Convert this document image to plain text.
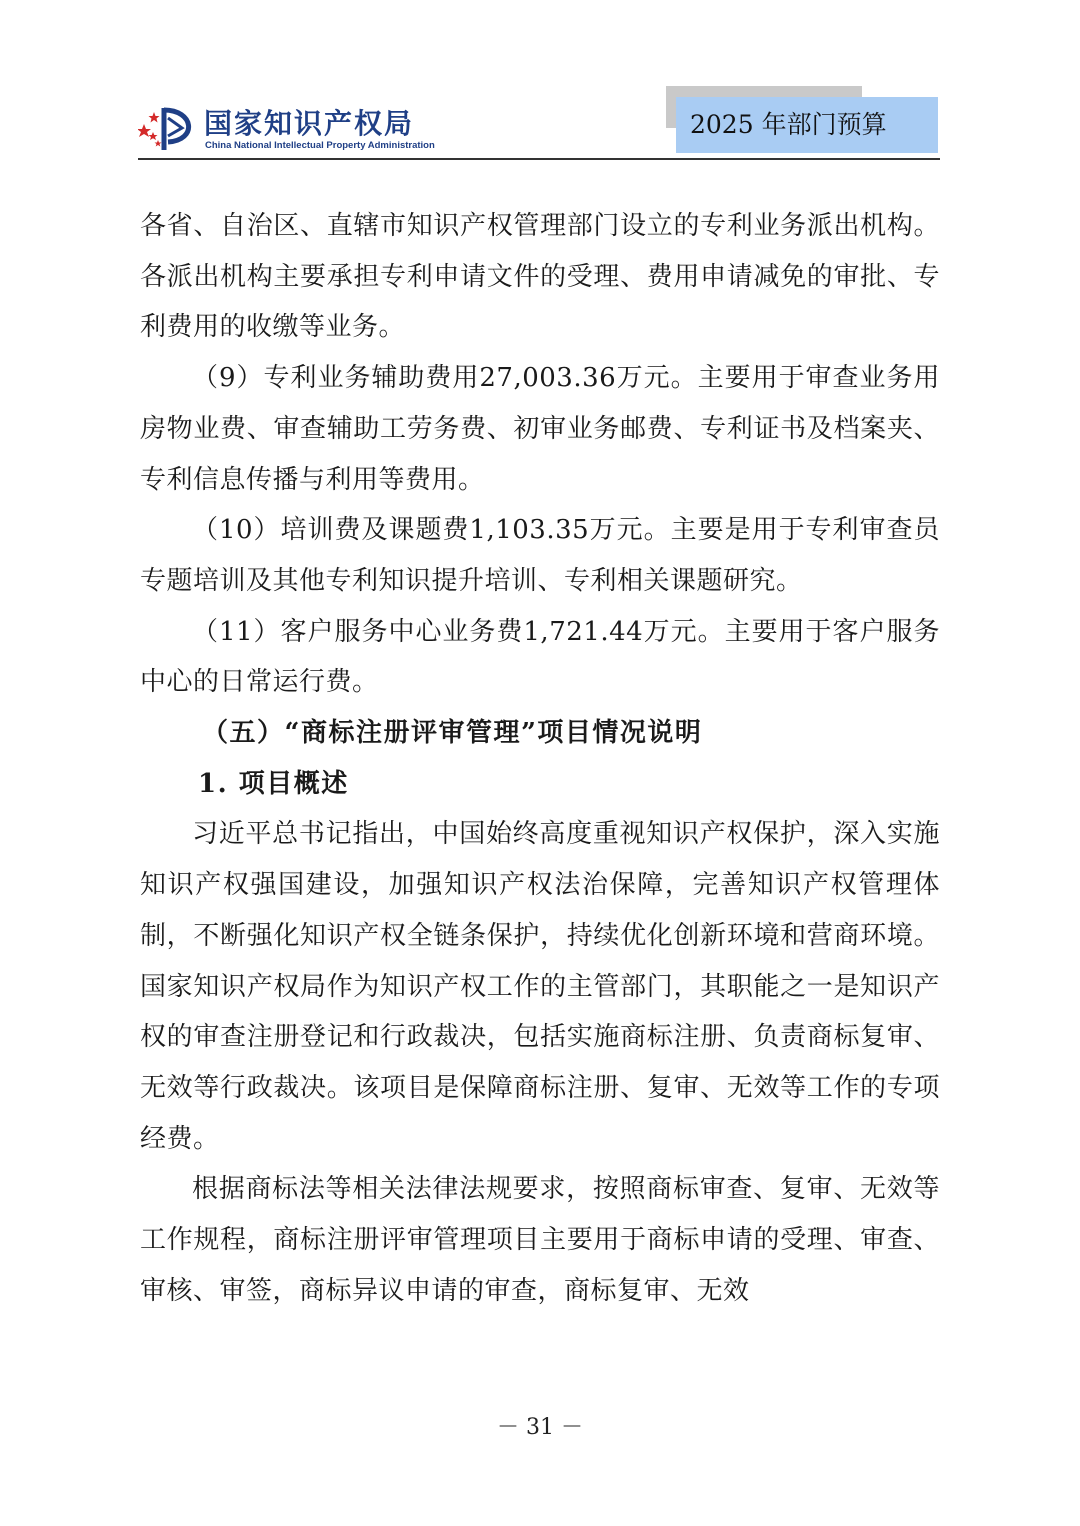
国家知识产权局
China National Intellectual Property Administration
2025 年部门预算

各省、自治区、直辖市知识产权管理部门设立的专利业务派出机构。各派出机构主要承担专利申请文件的受理、费用申请减免的审批、专利费用的收缴等业务。

（9）专利业务辅助费用27,003.36万元。主要用于审查业务用房物业费、审查辅助工劳务费、初审业务邮费、专利证书及档案夹、专利信息传播与利用等费用。

（10）培训费及课题费1,103.35万元。主要是用于专利审查员专题培训及其他专利知识提升培训、专利相关课题研究。

（11）客户服务中心业务费1,721.44万元。主要用于客户服务中心的日常运行费。

（五）“商标注册评审管理”项目情况说明

1. 项目概述

习近平总书记指出，中国始终高度重视知识产权保护，深入实施知识产权强国建设，加强知识产权法治保障，完善知识产权管理体制，不断强化知识产权全链条保护，持续优化创新环境和营商环境。国家知识产权局作为知识产权工作的主管部门，其职能之一是知识产权的审查注册登记和行政裁决，包括实施商标注册、负责商标复审、无效等行政裁决。该项目是保障商标注册、复审、无效等工作的专项经费。

根据商标法等相关法律法规要求，按照商标审查、复审、无效等工作规程，商标注册评审管理项目主要用于商标申请的受理、审查、审核、审签，商标异议申请的审查，商标复审、无效

－ 31 －
